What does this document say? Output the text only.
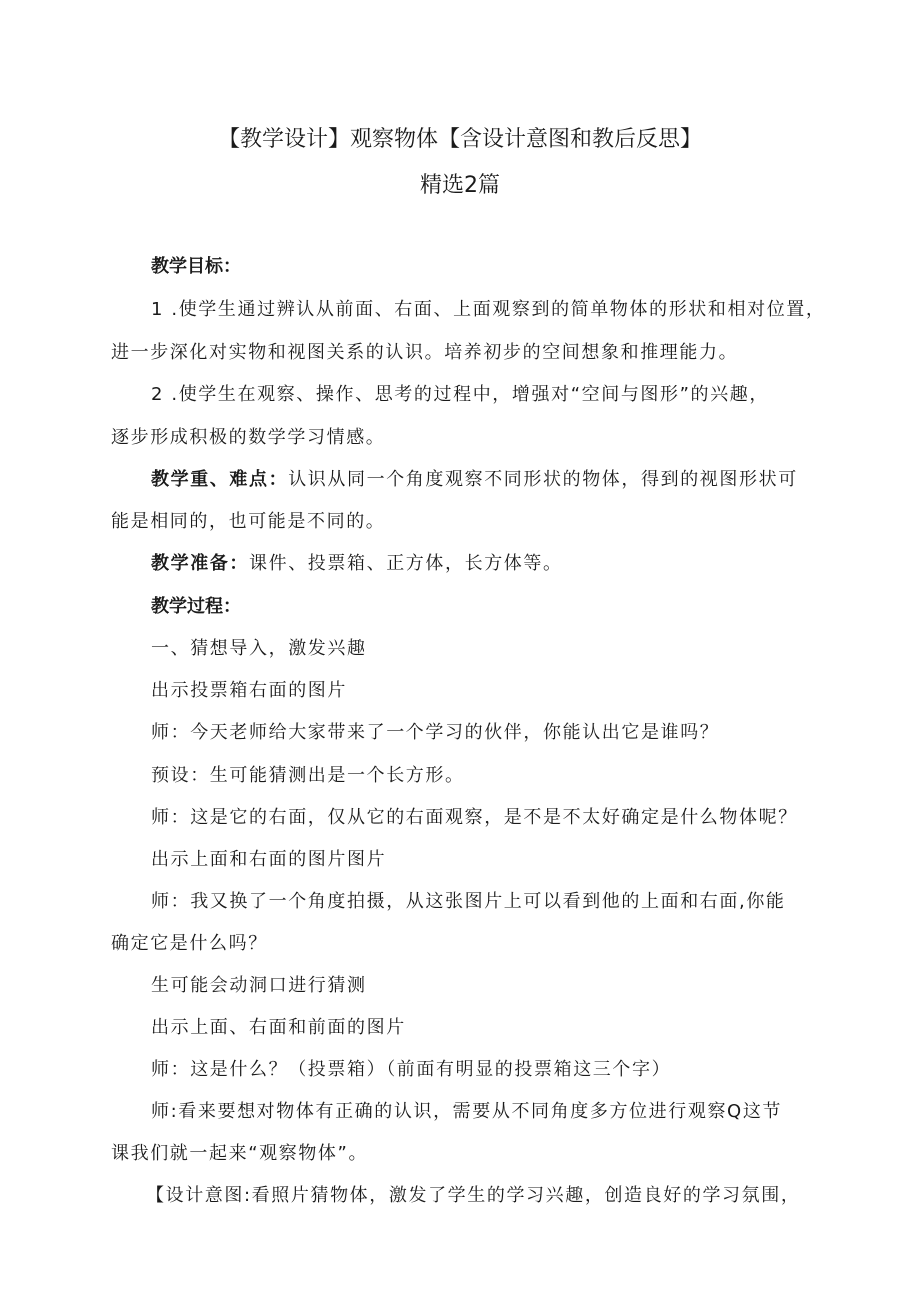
【教学设计】观察物体【含设计意图和教后反思】
精选2篇
教学目标：
1 .使学生通过辨认从前面、右面、上面观察到的简单物体的形状和相对位置，
进一步深化对实物和视图关系的认识。培养初步的空间想象和推理能力。
2 .使学生在观察、操作、思考的过程中，增强对“空间与图形”的兴趣，
逐步形成积极的数学学习情感。
教学重、难点：认识从同一个角度观察不同形状的物体，得到的视图形状可
能是相同的，也可能是不同的。
教学准备：课件、投票箱、正方体，长方体等。
教学过程：
一、猜想导入，激发兴趣
出示投票箱右面的图片
师：今天老师给大家带来了一个学习的伙伴，你能认出它是谁吗？
预设：生可能猜测出是一个长方形。
师：这是它的右面，仅从它的右面观察，是不是不太好确定是什么物体呢？
出示上面和右面的图片图片
师：我又换了一个角度拍摄，从这张图片上可以看到他的上面和右面,你能
确定它是什么吗？
生可能会动洞口进行猜测
出示上面、右面和前面的图片
师：这是什么？（投票箱）（前面有明显的投票箱这三个字）
师:看来要想对物体有正确的认识，需要从不同角度多方位进行观察Q这节
课我们就一起来“观察物体”。
【设计意图:看照片猜物体，激发了学生的学习兴趣，创造良好的学习氛围，
